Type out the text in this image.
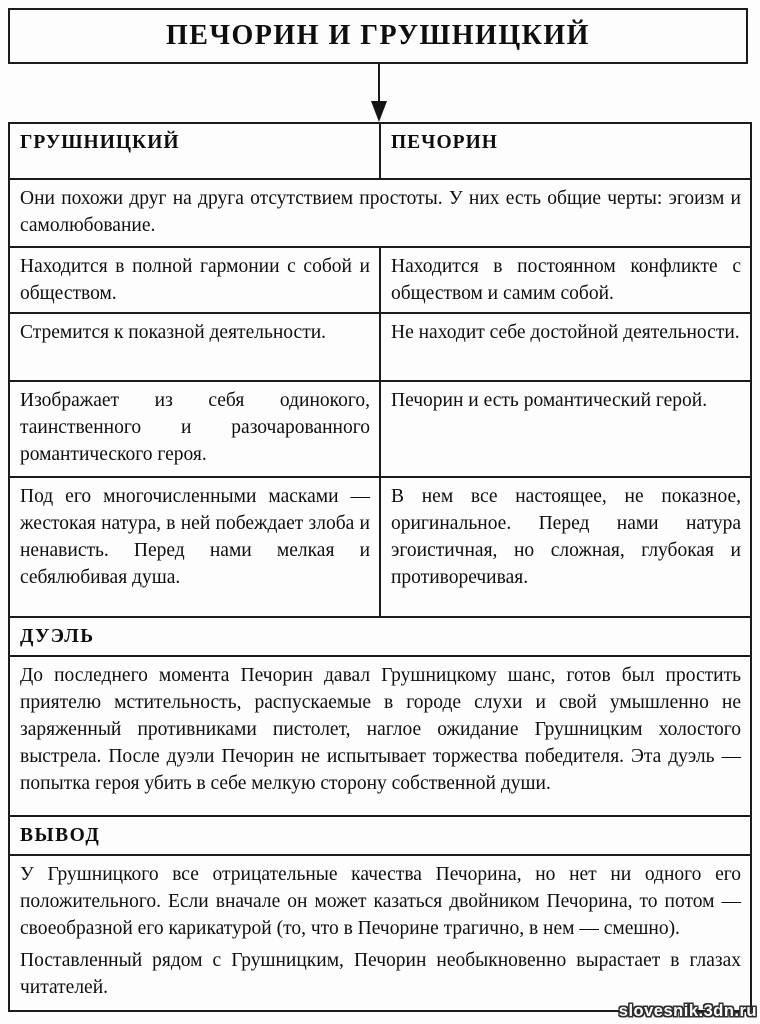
ПЕЧОРИН И ГРУШНИЦКИЙ
ГРУШНИЦКИЙ	ПЕЧОРИН
Они похожи друг на друга отсутствием простоты. У них есть общие черты: эгоизм и самолюбование.	
Находится в полной гармонии с собой и обществом.	Находится в постоянном конфликте с обществом и самим собой.
Стремится к показной деятельности.	Не находит себе достойной деятельности.
Изображает из себя одинокого, таинственного и разочарованного романтического героя.	Печорин и есть романтический герой.
Под его многочисленными масками — жестокая натура, в ней побеждает злоба и ненависть. Перед нами мелкая и себялюбивая душа.	В нем все настоящее, не показное, оригинальное. Перед нами натура эгоистичная, но сложная, глубокая и противоречивая.
ДУЭЛЬ	
До последнего момента Печорин давал Грушницкому шанс, готов был простить приятелю мстительность, распускаемые в городе слухи и свой умышленно не заряженный противниками пистолет, наглое ожидание Грушницким холостого выстрела. После дуэли Печорин не испытывает торжества победителя. Эта дуэль — попытка героя убить в себе мелкую сторону собственной души.	
ВЫВОД	

У Грушницкого все отрицательные качества Печорина, но нет ни одного его положительного. Если вначале он может казаться двойником Печорина, то потом — своеобразной его карикатурой (то, что в Печорине трагично, в нем — смешно).

Поставленный рядом с Грушницким, Печорин необыкновенно вырастает в глазах читателей.	

slovesnik.3dn.ru
